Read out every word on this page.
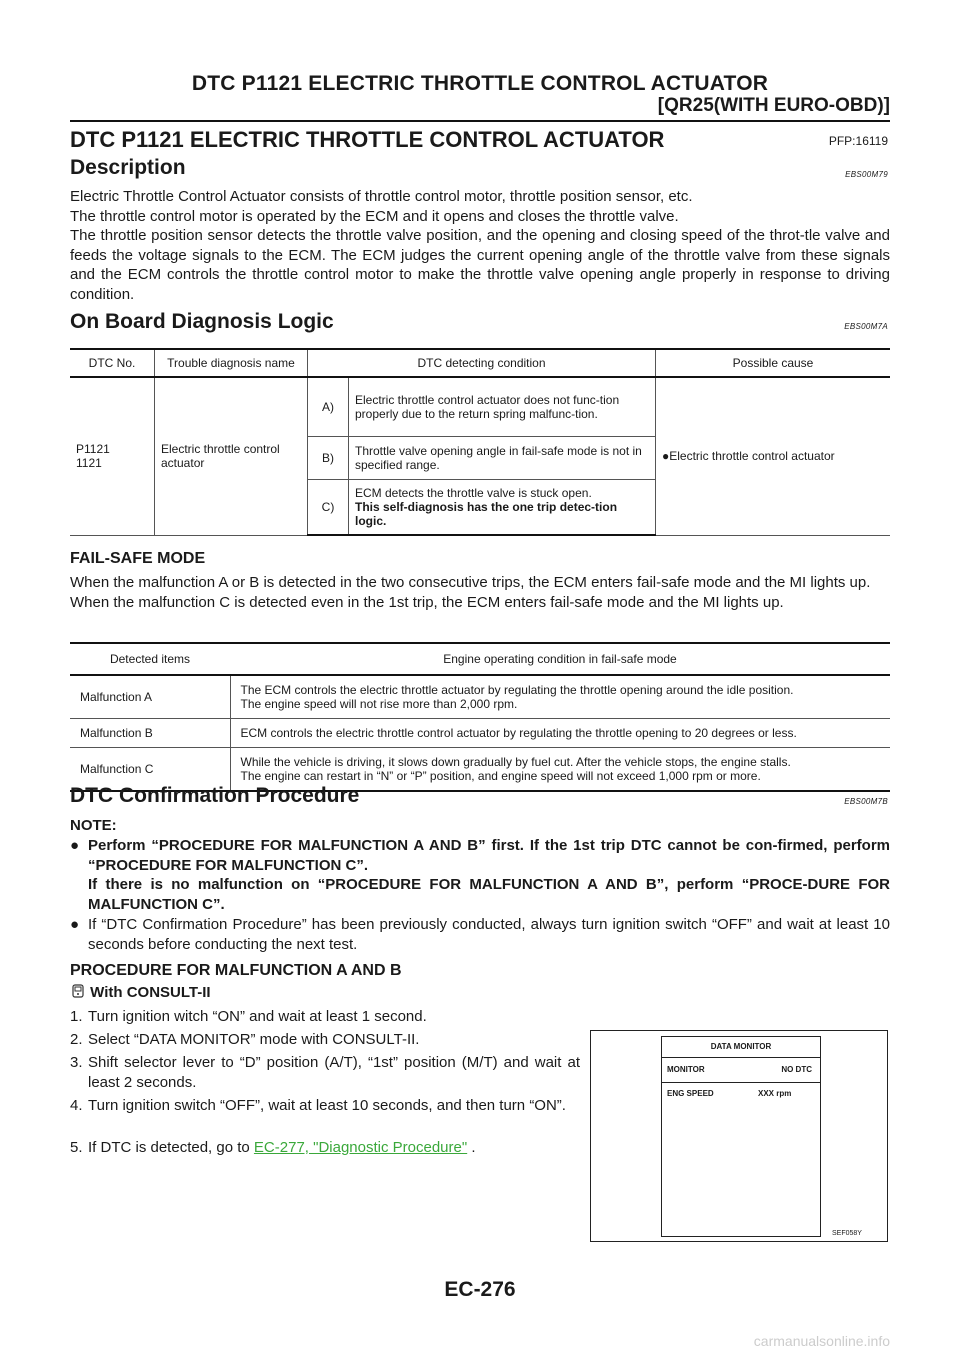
DTC P1121 ELECTRIC THROTTLE CONTROL ACTUATOR
[QR25(WITH EURO-OBD)]
DTC P1121 ELECTRIC THROTTLE CONTROL ACTUATOR	PFP:16119
Description	EBS00M79
Electric Throttle Control Actuator consists of throttle control motor, throttle position sensor, etc.
The throttle control motor is operated by the ECM and it opens and closes the throttle valve.
The throttle position sensor detects the throttle valve position, and the opening and closing speed of the throt-tle valve and feeds the voltage signals to the ECM. The ECM judges the current opening angle of the throttle valve from these signals and the ECM controls the throttle control motor to make the throttle valve opening angle properly in response to driving condition.
On Board Diagnosis Logic	EBS00M7A
DTC No.	Trouble diagnosis name	DTC detecting condition		Possible cause
P1121
1121	Electric throttle control actuator	A)	Electric throttle control actuator does not func-tion properly due to the return spring malfunc-tion.	●Electric throttle control actuator
		B)	Throttle valve opening angle in fail-safe mode is not in specified range.	
		C)	ECM detects the throttle valve is stuck open.
This self-diagnosis has the one trip detec-tion logic.	
FAIL-SAFE MODE
When the malfunction A or B is detected in the two consecutive trips, the ECM enters fail-safe mode and the MI lights up.
When the malfunction C is detected even in the 1st trip, the ECM enters fail-safe mode and the MI lights up.
Detected items	Engine operating condition in fail-safe mode
Malfunction A	The ECM controls the electric throttle actuator by regulating the throttle opening around the idle position.
The engine speed will not rise more than 2,000 rpm.

Malfunction B	ECM controls the electric throttle control actuator by regulating the throttle opening to 20 degrees or less.
Malfunction C	While the vehicle is driving, it slows down gradually by fuel cut. After the vehicle stops, the engine stalls.
The engine can restart in “N” or “P” position, and engine speed will not exceed 1,000 rpm or more.
DTC Confirmation Procedure	EBS00M7B
NOTE:
● Perform “PROCEDURE FOR MALFUNCTION A AND B” first. If the 1st trip DTC cannot be con-firmed, perform “PROCEDURE FOR MALFUNCTION C”.
If there is no malfunction on “PROCEDURE FOR MALFUNCTION A AND B”, perform “PROCE-DURE FOR MALFUNCTION C”.
● If “DTC Confirmation Procedure” has been previously conducted, always turn ignition switch “OFF” and wait at least 10 seconds before conducting the next test.
PROCEDURE FOR MALFUNCTION A AND B
With CONSULT-II
1. Turn ignition witch “ON” and wait at least 1 second.
2. Select “DATA MONITOR” mode with CONSULT-II.
3. Shift selector lever to “D” position (A/T), “1st” position (M/T) and wait at least 2 seconds.
4. Turn ignition switch “OFF”, wait at least 10 seconds, and then turn “ON”.
5. If DTC is detected, go to EC-277, "Diagnostic Procedure" .
DATA MONITOR
MONITOR	NO DTC
ENG SPEED	XXX rpm
SEF058Y
EC-276
carmanualsonline.info
